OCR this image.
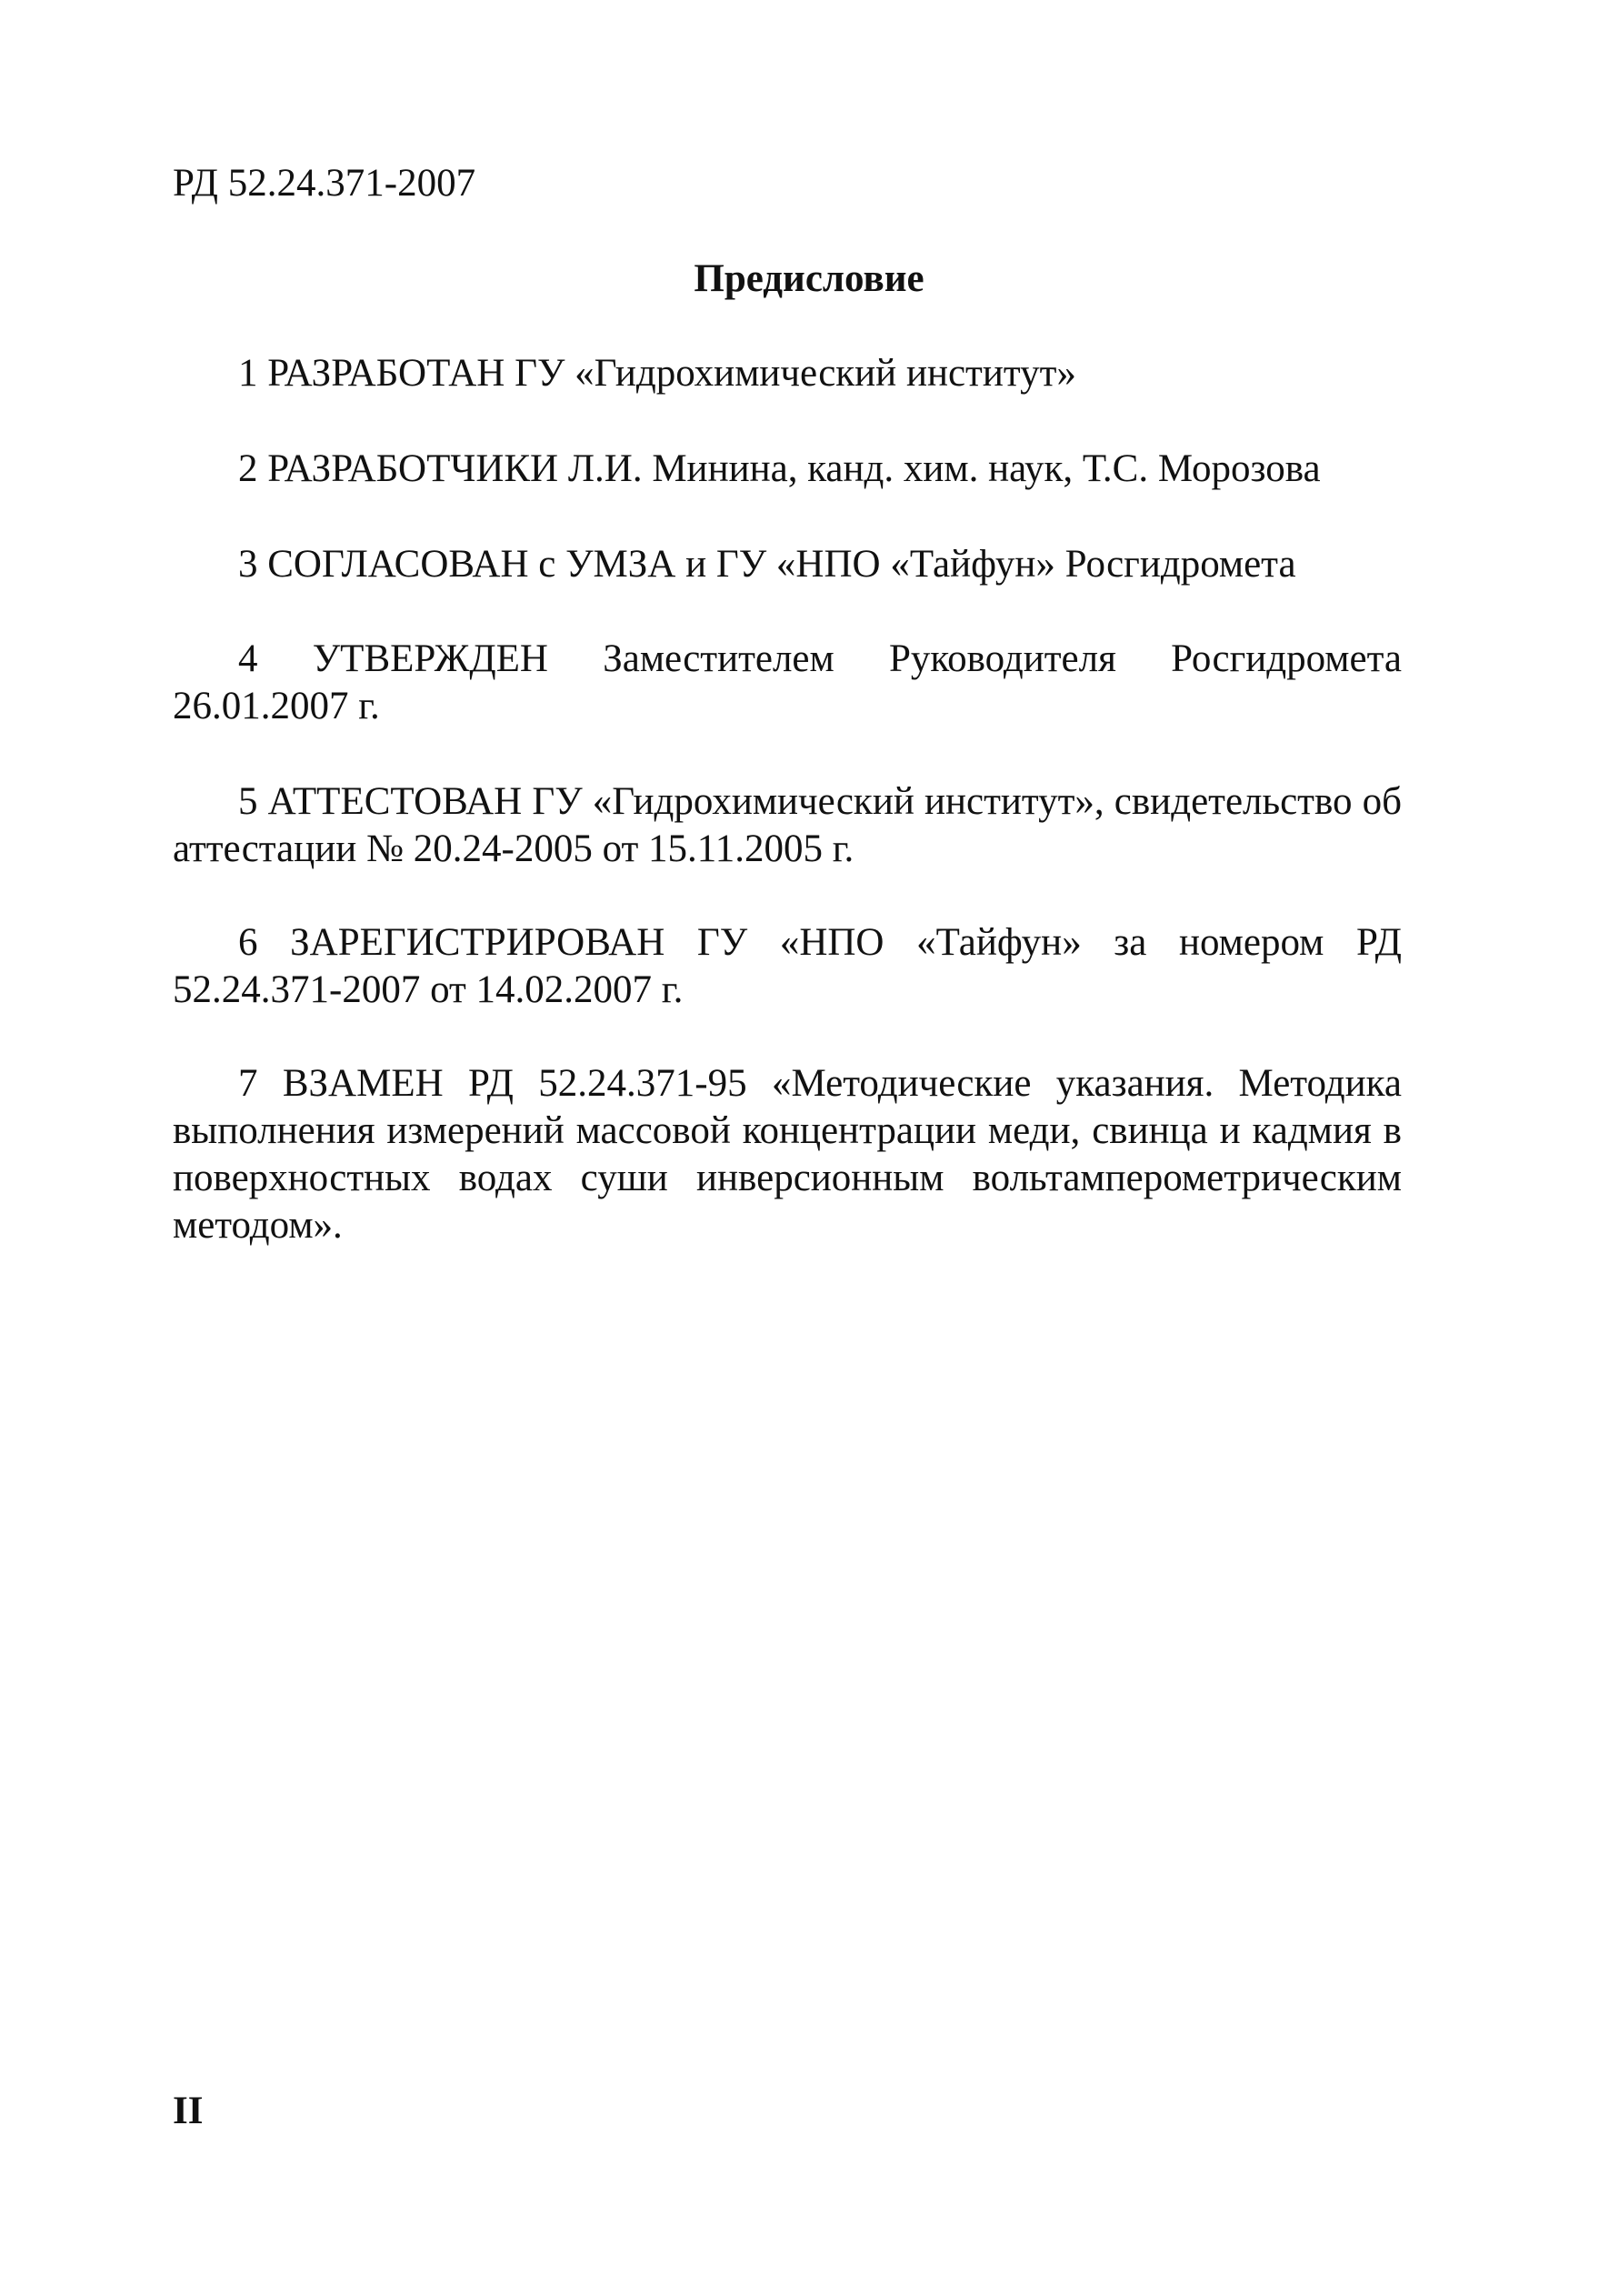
РД 52.24.371-2007
Предисловие

1 РАЗРАБОТАН ГУ «Гидрохимический институт»

2 РАЗРАБОТЧИКИ Л.И. Минина, канд. хим. наук, Т.С. Морозова

3 СОГЛАСОВАН с УМЗА и ГУ «НПО «Тайфун» Росгидромета

4 УТВЕРЖДЕН Заместителем Руководителя Росгидромета 26.01.2007 г.

5 АТТЕСТОВАН ГУ «Гидрохимический институт», свидетельство об аттестации № 20.24-2005 от 15.11.2005 г.

6 ЗАРЕГИСТРИРОВАН ГУ «НПО «Тайфун» за номером РД 52.24.371-2007 от 14.02.2007 г.

7 ВЗАМЕН РД 52.24.371-95 «Методические указания. Методика выполнения измерений массовой концентрации меди, свинца и кадмия в поверхностных водах суши инверсионным вольтамперометрическим методом».

II
